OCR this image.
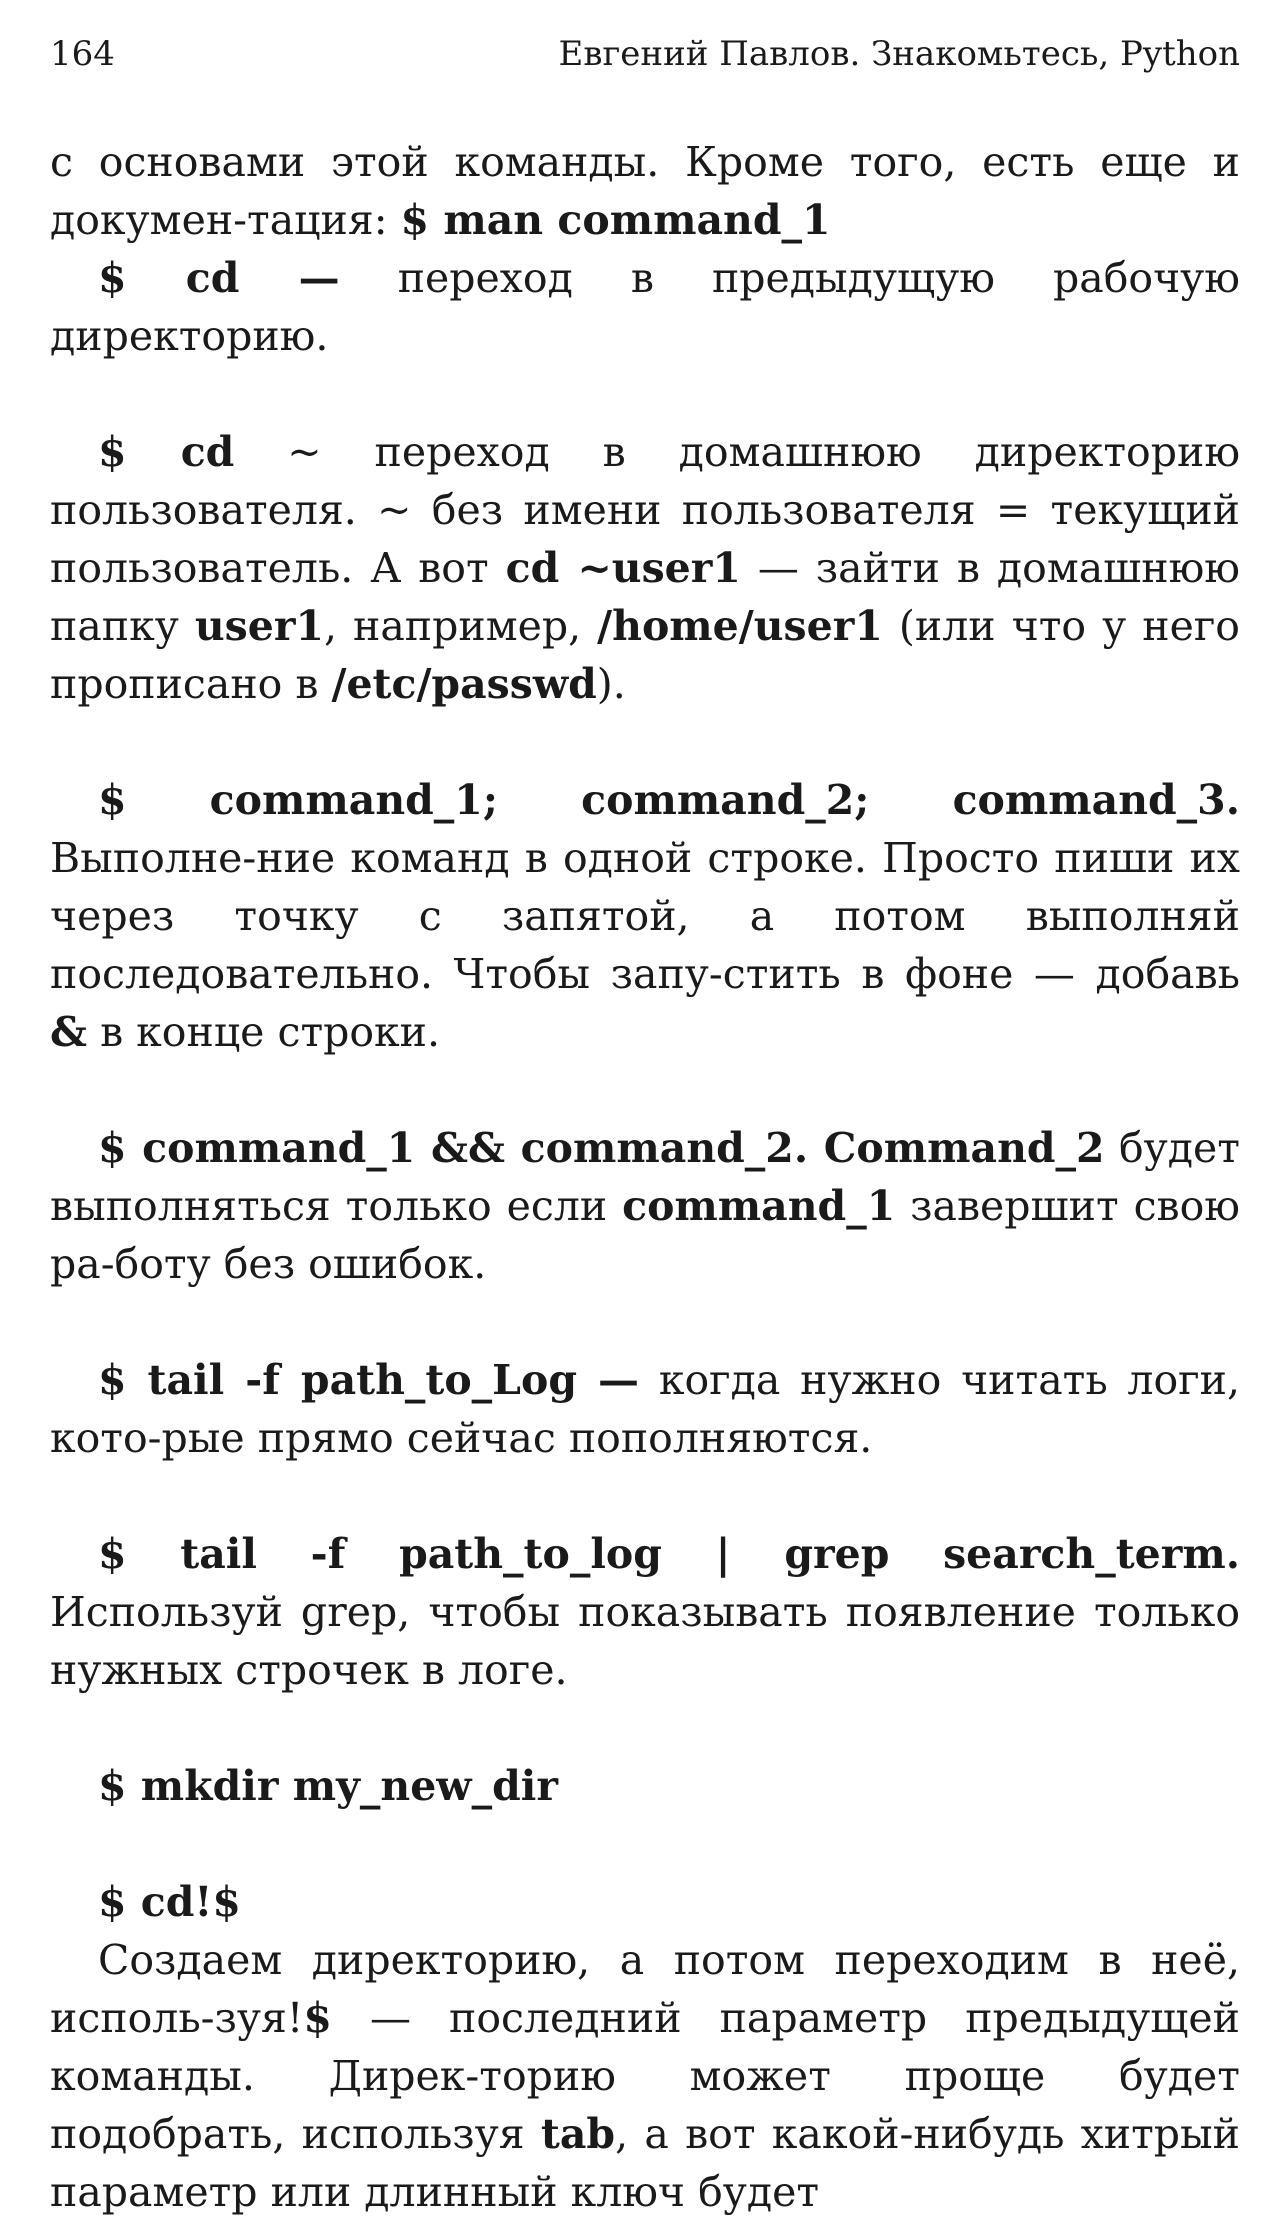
164	Евгений Павлов. Знакомьтесь, Python

с основами этой команды. Кроме того, есть еще и докумен-тация: $ man command_1

$ cd — переход в предыдущую рабочую директорию.

$ cd ~ переход в домашнюю директорию пользователя. ~ без имени пользователя = текущий пользователь. А вот cd ~user1 — зайти в домашнюю папку user1, например, /home/user1 (или что у него прописано в /etc/passwd).

$ command_1; command_2; command_3. Выполне-ние команд в одной строке. Просто пиши их через точку с запятой, а потом выполняй последовательно. Чтобы запу-стить в фоне — добавь & в конце строки.

$ command_1 && command_2. Command_2 будет выполняться только если command_1 завершит свою ра-боту без ошибок.

$ tail -f path_to_Log — когда нужно читать логи, кото-рые прямо сейчас пополняются.

$ tail -f path_to_log | grep search_term. Используй grep, чтобы показывать появление только нужных строчек в логе.

$ mkdir my_new_dir

$ cd!$

Создаем директорию, а потом переходим в неё, исполь-зуя!$ — последний параметр предыдущей команды. Дирек-торию может проще будет подобрать, используя tab, а вот какой-нибудь хитрый параметр или длинный ключ будет
